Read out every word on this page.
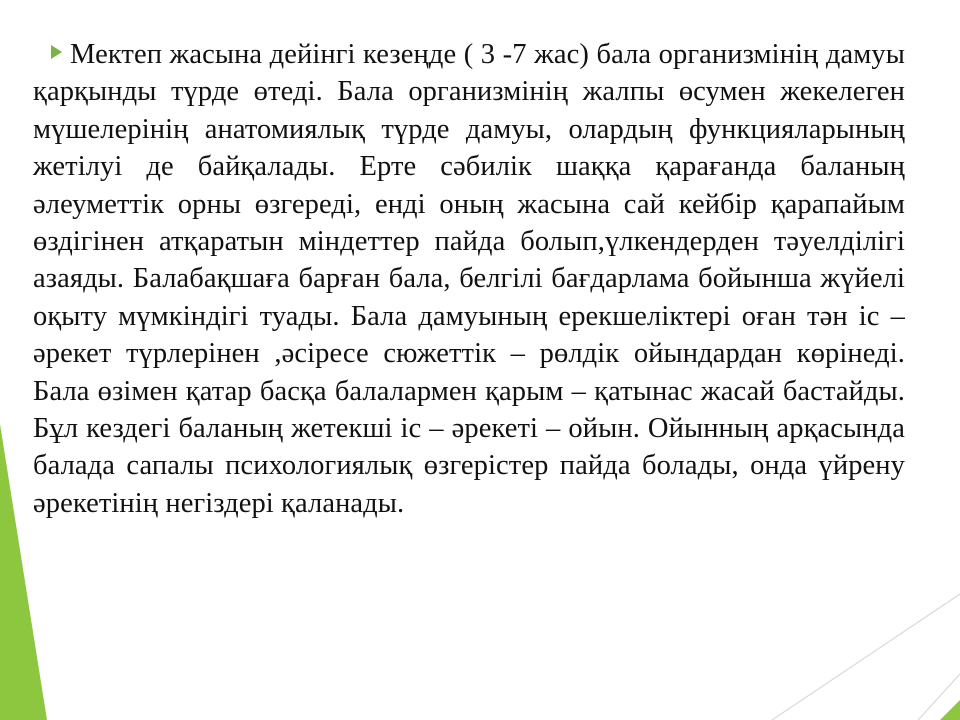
Мектеп жасына дейінгі кезеңде ( 3 -7 жас) бала организмінің дамуы қарқынды түрде өтеді. Бала организмінің жалпы өсумен жекелеген мүшелерінің анатомиялық түрде дамуы, олардың функцияларының жетілуі де байқалады. Ерте сәбилік шаққа қарағанда баланың әлеуметтік орны өзгереді, енді оның жасына сай кейбір қарапайым өздігінен атқаратын міндеттер пайда болып,үлкендерден тәуелділігі азаяды. Балабақшаға барған бала, белгілі бағдарлама бойынша жүйелі оқыту мүмкіндігі туады. Бала дамуының ерекшеліктері оған тән іс –әрекет түрлерінен ,әсіресе сюжеттік – рөлдік ойындардан көрінеді. Бала өзімен қатар басқа балалармен қарым – қатынас жасай бастайды. Бұл кездегі баланың жетекші іс – әрекеті – ойын. Ойынның арқасында балада сапалы психологиялық өзгерістер пайда болады, онда үйрену әрекетінің негіздері қаланады.
